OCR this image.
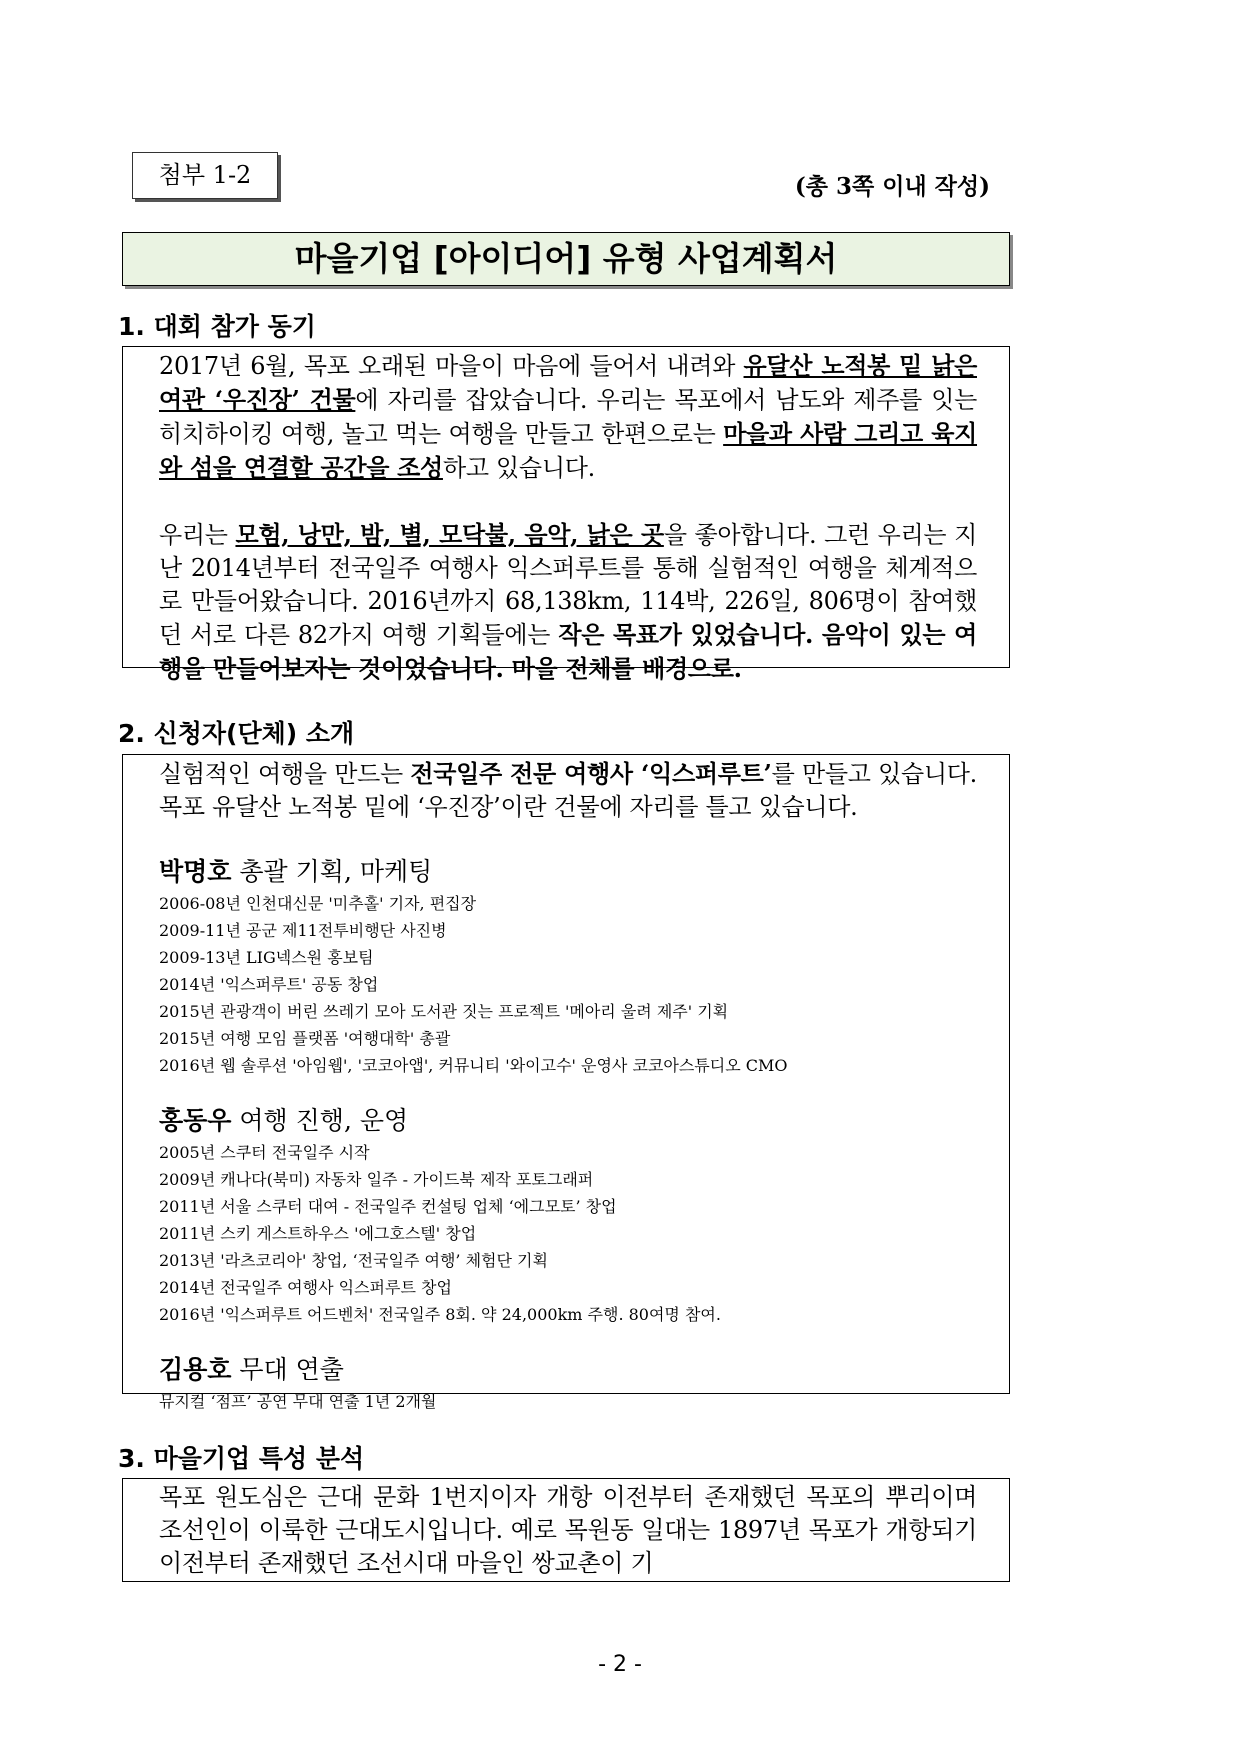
첨부 1-2	(총 3쪽 이내 작성)
마을기업 [아이디어] 유형 사업계획서
1. 대회 참가 동기

2017년 6월, 목포 오래된 마을이 마음에 들어서 내려와 유달산 노적봉 밑 낡은 여관 ‘우진장’ 건물에 자리를 잡았습니다. 우리는 목포에서 남도와 제주를 잇는 히치하이킹 여행, 놀고 먹는 여행을 만들고 한편으로는 마을과 사람 그리고 육지와 섬을 연결할 공간을 조성하고 있습니다.

우리는 모험, 낭만, 밤, 별, 모닥불, 음악, 낡은 곳을 좋아합니다. 그런 우리는 지난 2014년부터 전국일주 여행사 익스퍼루트를 통해 실험적인 여행을 체계적으로 만들어왔습니다. 2016년까지 68,138km, 114박, 226일, 806명이 참여했던 서로 다른 82가지 여행 기획들에는 작은 목표가 있었습니다. 음악이 있는 여행을 만들어보자는 것이었습니다. 마을 전체를 배경으로.

2. 신청자(단체) 소개

실험적인 여행을 만드는 전국일주 전문 여행사 ‘익스퍼루트’를 만들고 있습니다. 목포 유달산 노적봉 밑에 ‘우진장’이란 건물에 자리를 틀고 있습니다.

박명호 총괄 기획, 마케팅

2006-08년 인천대신문 '미추홀' 기자, 편집장
2009-11년 공군 제11전투비행단 사진병
2009-13년 LIG넥스원 홍보팀
2014년 '익스퍼루트' 공동 창업
2015년 관광객이 버린 쓰레기 모아 도서관 짓는 프로젝트 '메아리 울려 제주' 기획
2015년 여행 모임 플랫폼 '여행대학' 총괄
2016년 웹 솔루션 '아임웹', '코코아앱', 커뮤니티 '와이고수' 운영사 코코아스튜디오 CMO

홍동우 여행 진행, 운영

2005년 스쿠터 전국일주 시작
2009년 캐나다(북미) 자동차 일주 - 가이드북 제작 포토그래퍼
2011년 서울 스쿠터 대여 - 전국일주 컨설팅 업체 ‘에그모토’ 창업
2011년 스키 게스트하우스 '에그호스텔' 창업
2013년 '라츠코리아' 창업, ‘전국일주 여행’ 체험단 기획
2014년 전국일주 여행사 익스퍼루트 창업
2016년 '익스퍼루트 어드벤처' 전국일주 8회. 약 24,000km 주행. 80여명 참여.

김용호 무대 연출

뮤지컬 ‘점프’ 공연 무대 연출 1년 2개월
3. 마을기업 특성 분석

목포 원도심은 근대 문화 1번지이자 개항 이전부터 존재했던 목포의 뿌리이며 조선인이 이룩한 근대도시입니다. 예로 목원동 일대는 1897년 목포가 개항되기 이전부터 존재했던 조선시대 마을인 쌍교촌이 기

- 2 -
